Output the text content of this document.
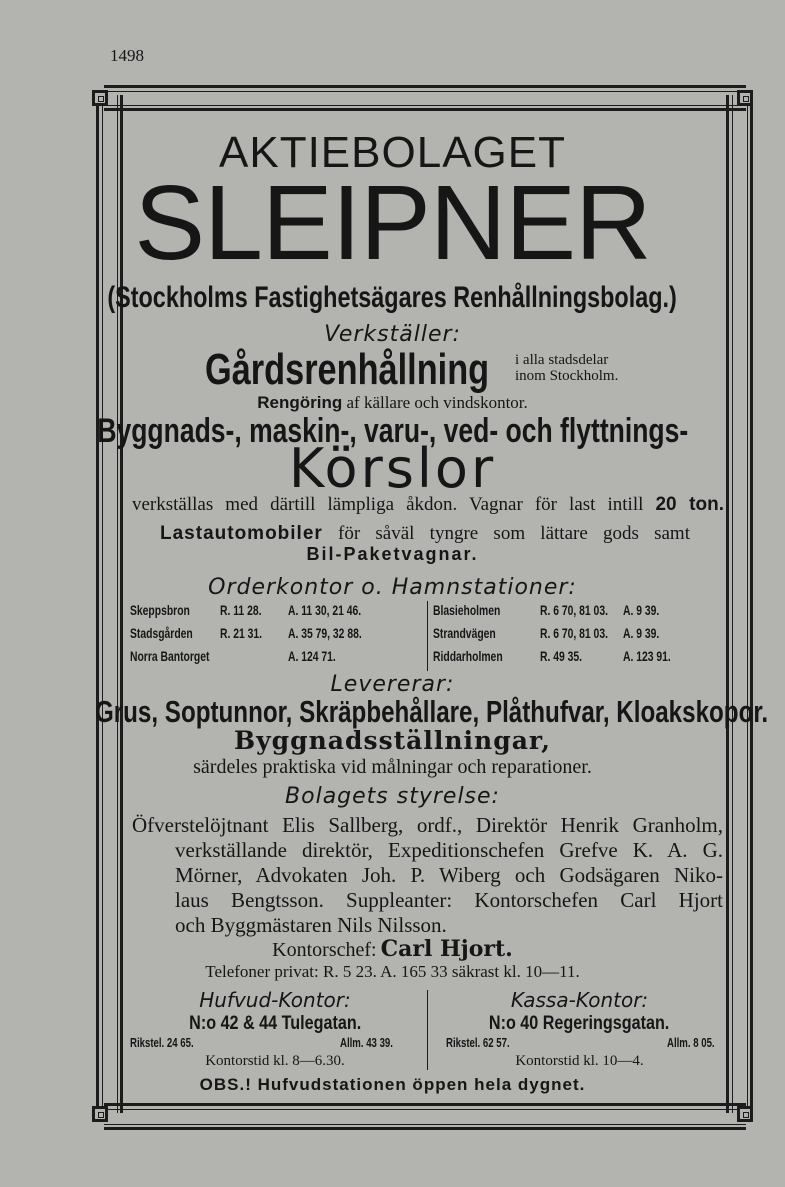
1498
AKTIEBOLAGET
SLEIPNER
(Stockholms Fastighetsägares Renhållningsbolag.)
Verkställer:
Gårdsrenhållning	i alla stadsdelar
inom Stockholm.
Rengöring af källare och vindskontor.
Byggnads-, maskin-, varu-, ved- och flyttnings-
Körslor
verkställas med därtill lämpliga åkdon. Vagnar för last intill 20 ton.
Lastautomobiler för såväl tyngre som lättare gods samt
Bil-Paketvagnar.
Orderkontor o. Hamnstationer:
Skeppsbron R. 11 28. A. 11 30, 21 46.
Stadsgården R. 21 31. A. 35 79, 32 88.
Norra Bantorget	A. 124 71.
Blasieholmen	R. 6 70, 81 03. A. 9 39.
Strandvägen	R. 6 70, 81 03. A. 9 39.
Riddarholmen	R. 49 35.	A. 123 91.
Levererar:
Grus, Soptunnor, Skräpbehållare, Plåthufvar, Kloakskopor.
Byggnadsställningar,
särdeles praktiska vid målningar och reparationer.
Bolagets styrelse:
Öfverstelöjtnant Elis Sallberg, ordf., Direktör Henrik Granholm,
verkställande direktör, Expeditionschefen Grefve K. A. G.
Mörner, Advokaten Joh. P. Wiberg och Godsägaren Niko-
laus Bengtsson. Suppleanter: Kontorschefen Carl Hjort
och Byggmästaren Nils Nilsson.
Kontorschef: Carl Hjort.
Telefoner privat: R. 5 23. A. 165 33 säkrast kl. 10—11.
Hufvud-Kontor:
N:o 42 & 44 Tulegatan.
Rikstel. 24 65.	Allm. 43 39.
Kontorstid kl. 8—6.30.
Kassa-Kontor:
N:o 40 Regeringsgatan.
Rikstel. 62 57.	Allm. 8 05.
Kontorstid kl. 10—4.
OBS.! Hufvudstationen öppen hela dygnet.
